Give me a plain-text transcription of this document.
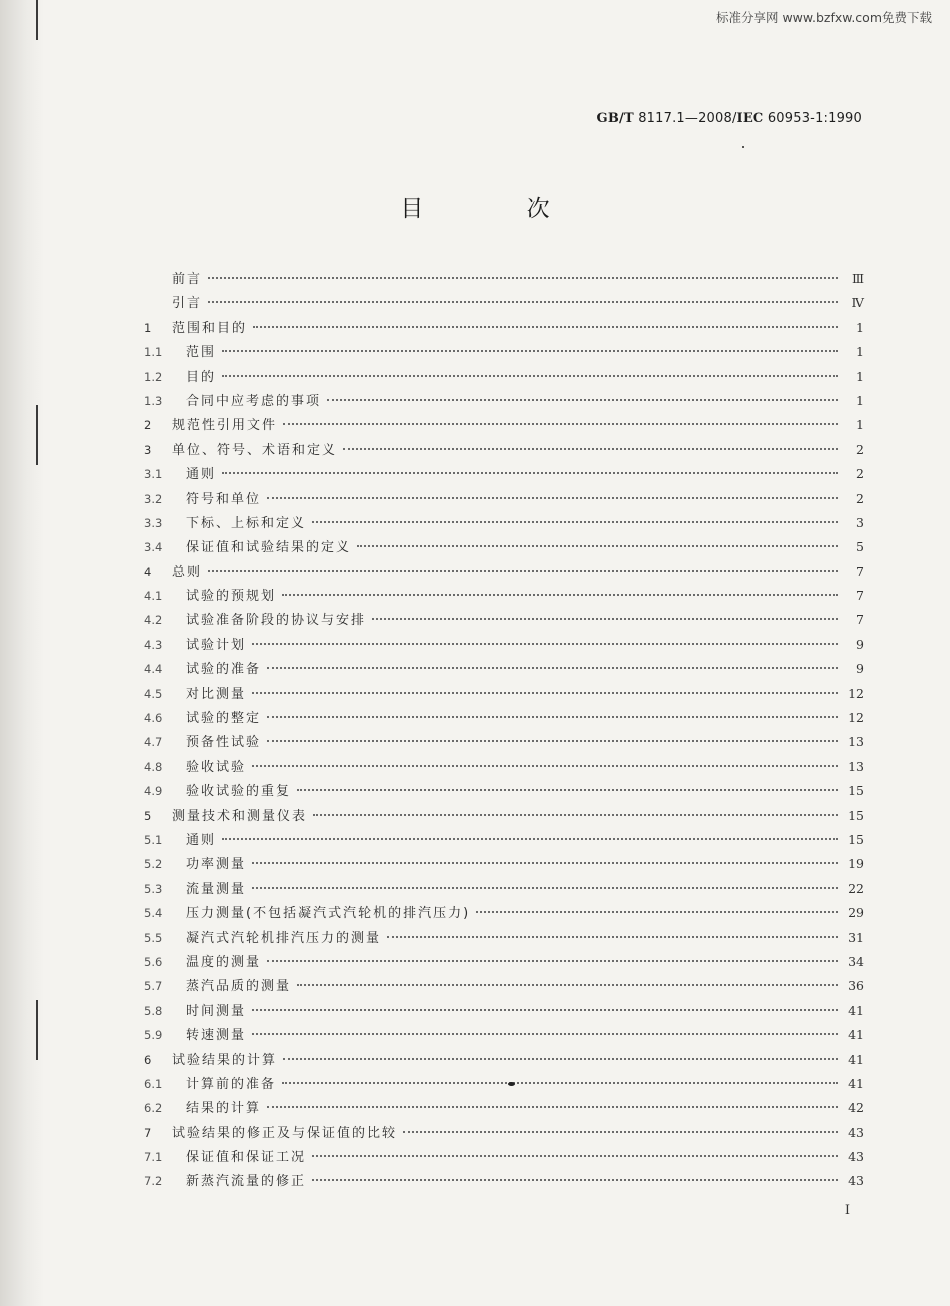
标准分享网 www.bzfxw.com免费下载
GB/T 8117.1—2008/IEC 60953-1:1990
目 次
前言	Ⅲ
引言	Ⅳ
1	范围和目的	1
1.1	范围	1
1.2	目的	1
1.3	合同中应考虑的事项	1
2	规范性引用文件	1
3	单位、符号、术语和定义	2
3.1	通则	2
3.2	符号和单位	2
3.3	下标、上标和定义	3
3.4	保证值和试验结果的定义	5
4	总则	7
4.1	试验的预规划	7
4.2	试验准备阶段的协议与安排	7
4.3	试验计划	9
4.4	试验的准备	9
4.5	对比测量	12
4.6	试验的整定	12
4.7	预备性试验	13
4.8	验收试验	13
4.9	验收试验的重复	15
5	测量技术和测量仪表	15
5.1	通则	15
5.2	功率测量	19
5.3	流量测量	22
5.4	压力测量(不包括凝汽式汽轮机的排汽压力)	29
5.5	凝汽式汽轮机排汽压力的测量	31
5.6	温度的测量	34
5.7	蒸汽品质的测量	36
5.8	时间测量	41
5.9	转速测量	41
6	试验结果的计算	41
6.1	计算前的准备	41
6.2	结果的计算	42
7	试验结果的修正及与保证值的比较	43
7.1	保证值和保证工况	43
7.2	新蒸汽流量的修正	43
I
